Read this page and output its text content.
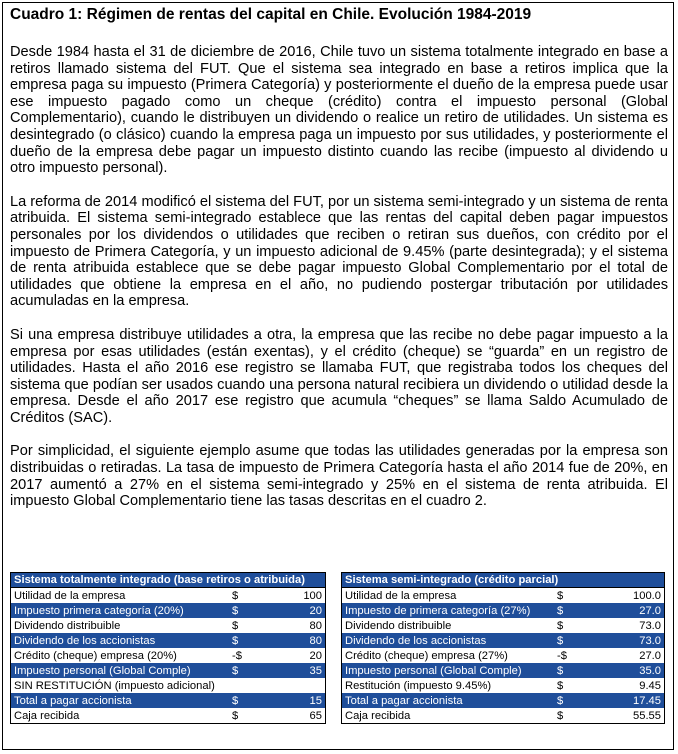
Cuadro 1: Régimen de rentas del capital en Chile. Evolución 1984-2019

Desde 1984 hasta el 31 de diciembre de 2016, Chile tuvo un sistema totalmente integrado en base a retiros llamado sistema del FUT. Que el sistema sea integrado en base a retiros implica que la empresa paga su impuesto (Primera Categoría) y posteriormente el dueño de la empresa puede usar ese impuesto pagado como un cheque (crédito) contra el impuesto personal (Global Complementario), cuando le distribuyen un dividendo o realice un retiro de utilidades. Un sistema es desintegrado (o clásico) cuando la empresa paga un impuesto por sus utilidades, y posteriormente el dueño de la empresa debe pagar un impuesto distinto cuando las recibe (impuesto al dividendo u otro impuesto personal).

La reforma de 2014 modificó el sistema del FUT, por un sistema semi-integrado y un sistema de renta atribuida. El sistema semi-integrado establece que las rentas del capital deben pagar impuestos personales por los dividendos o utilidades que reciben o retiran sus dueños, con crédito por el impuesto de Primera Categoría, y un impuesto adicional de 9.45% (parte desintegrada); y el sistema de renta atribuida establece que se debe pagar impuesto Global Complementario por el total de utilidades que obtiene la empresa en el año, no pudiendo postergar tributación por utilidades acumuladas en la empresa.

Si una empresa distribuye utilidades a otra, la empresa que las recibe no debe pagar impuesto a la empresa por esas utilidades (están exentas), y el crédito (cheque) se “guarda” en un registro de utilidades. Hasta el año 2016 ese registro se llamaba FUT, que registraba todos los cheques del sistema que podían ser usados cuando una persona natural recibiera un dividendo o utilidad desde la empresa. Desde el año 2017 ese registro que acumula “cheques” se llama Saldo Acumulado de Créditos (SAC).

Por simplicidad, el siguiente ejemplo asume que todas las utilidades generadas por la empresa son distribuidas o retiradas. La tasa de impuesto de Primera Categoría hasta el año 2014 fue de 20%, en 2017 aumentó a 27% en el sistema semi-integrado y 25% en el sistema de renta atribuida. El impuesto Global Complementario tiene las tasas descritas en el cuadro 2.

Sistema totalmente integrado (base retiros o atribuida)		
Utilidad de la empresa	$	100
Impuesto primera categoría (20%)	$	20
Dividendo distribuible	$	80
Dividendo de los accionistas	$	80
Crédito (cheque) empresa (20%)	-$	20
Impuesto personal (Global Comple)	$	35
SIN RESTITUCIÓN (impuesto adicional)		
Total a pagar accionista	$	15
Caja recibida	$	65
Sistema semi-integrado (crédito parcial)		
Utilidad de la empresa	$	100.0
Impuesto de primera categoría (27%)	$	27.0
Dividendo distribuible	$	73.0
Dividendo de los accionistas	$	73.0
Crédito (cheque) empresa (27%)	-$	27.0
Impuesto personal (Global Comple)	$	35.0
Restitución (impuesto 9.45%)	$	9.45
Total a pagar accionista	$	17.45
Caja recibida	$	55.55
